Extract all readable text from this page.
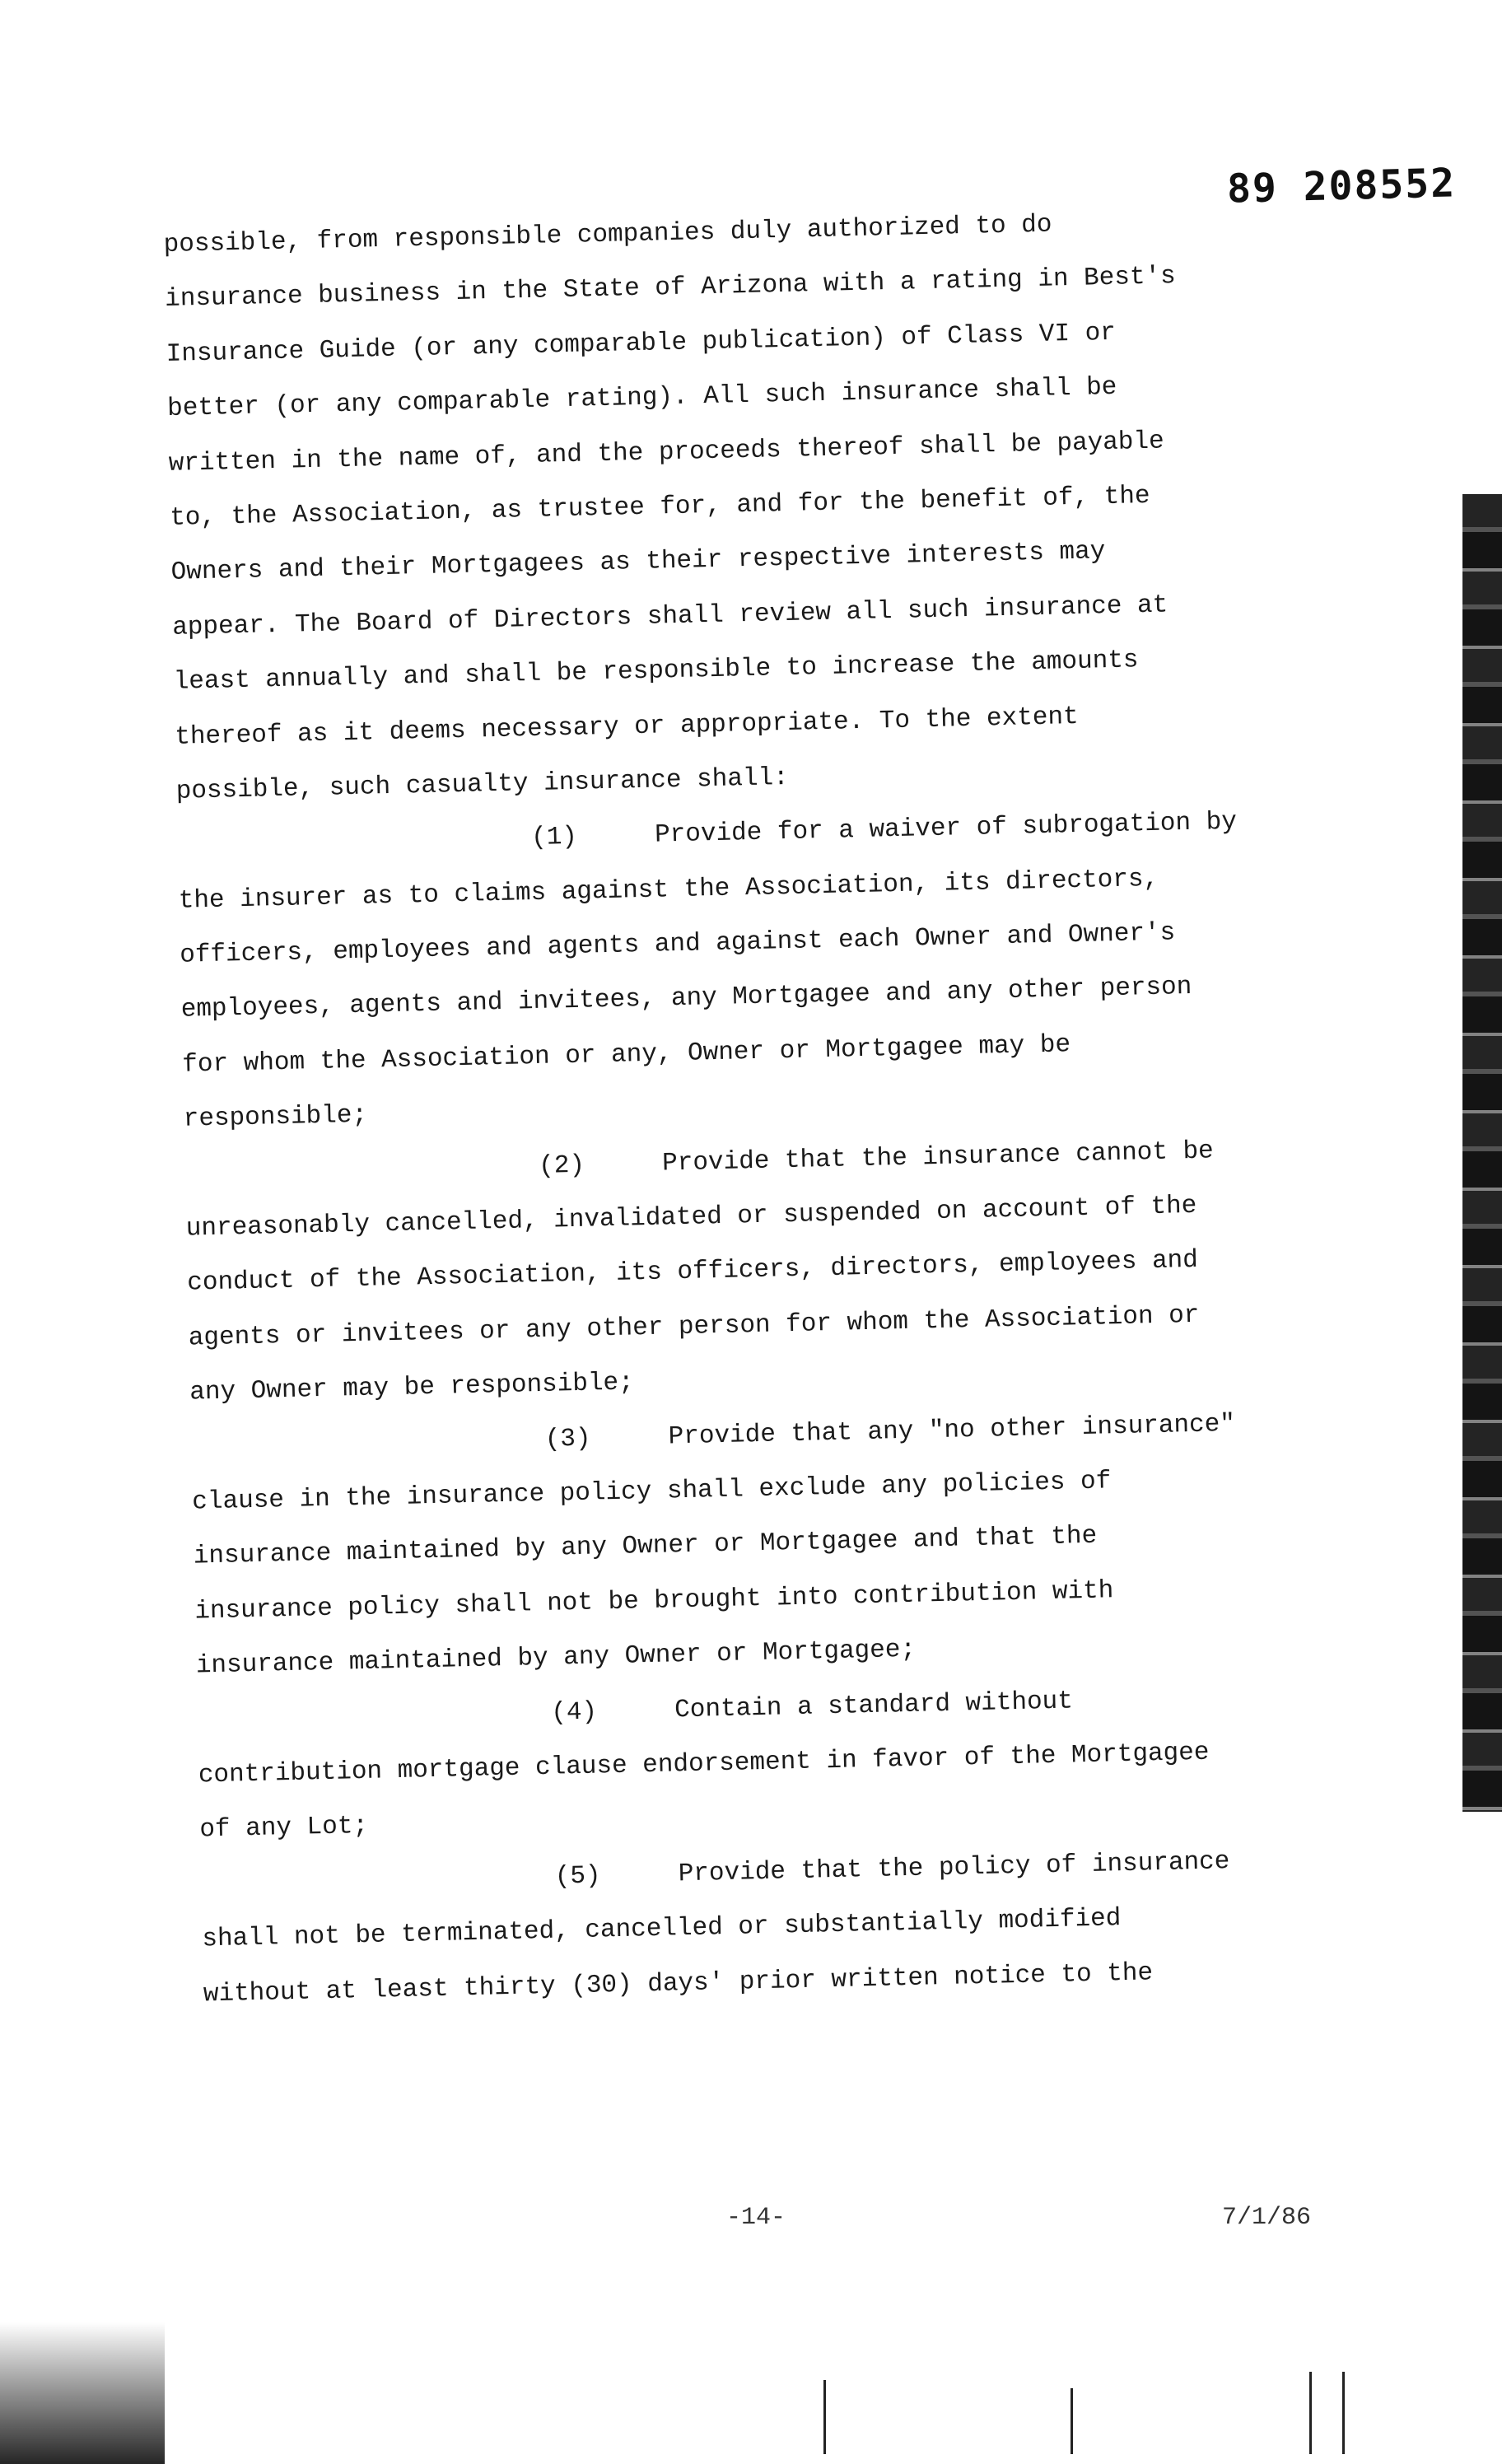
89 208552
possible, from responsible companies duly authorized to do
insurance business in the State of Arizona with a rating in Best's
Insurance Guide (or any comparable publication) of Class VI or
better (or any comparable rating). All such insurance shall be
written in the name of, and the proceeds thereof shall be payable
to, the Association, as trustee for, and for the benefit of, the
Owners and their Mortgagees as their respective interests may
appear. The Board of Directors shall review all such insurance at
least annually and shall be responsible to increase the amounts
thereof as it deems necessary or appropriate. To the extent
possible, such casualty insurance shall:
(1)	Provide for a waiver of subrogation by
the insurer as to claims against the Association, its directors,
officers, employees and agents and against each Owner and Owner's
employees, agents and invitees, any Mortgagee and any other person
for whom the Association or any, Owner or Mortgagee may be
responsible;
(2)	Provide that the insurance cannot be
unreasonably cancelled, invalidated or suspended on account of the
conduct of the Association, its officers, directors, employees and
agents or invitees or any other person for whom the Association or
any Owner may be responsible;
(3)	Provide that any "no other insurance"
clause in the insurance policy shall exclude any policies of
insurance maintained by any Owner or Mortgagee and that the
insurance policy shall not be brought into contribution with
insurance maintained by any Owner or Mortgagee;
(4)	Contain a standard without
contribution mortgage clause endorsement in favor of the Mortgagee
of any Lot;
(5)	Provide that the policy of insurance
shall not be terminated, cancelled or substantially modified
without at least thirty (30) days' prior written notice to the
-14-	7/1/86
